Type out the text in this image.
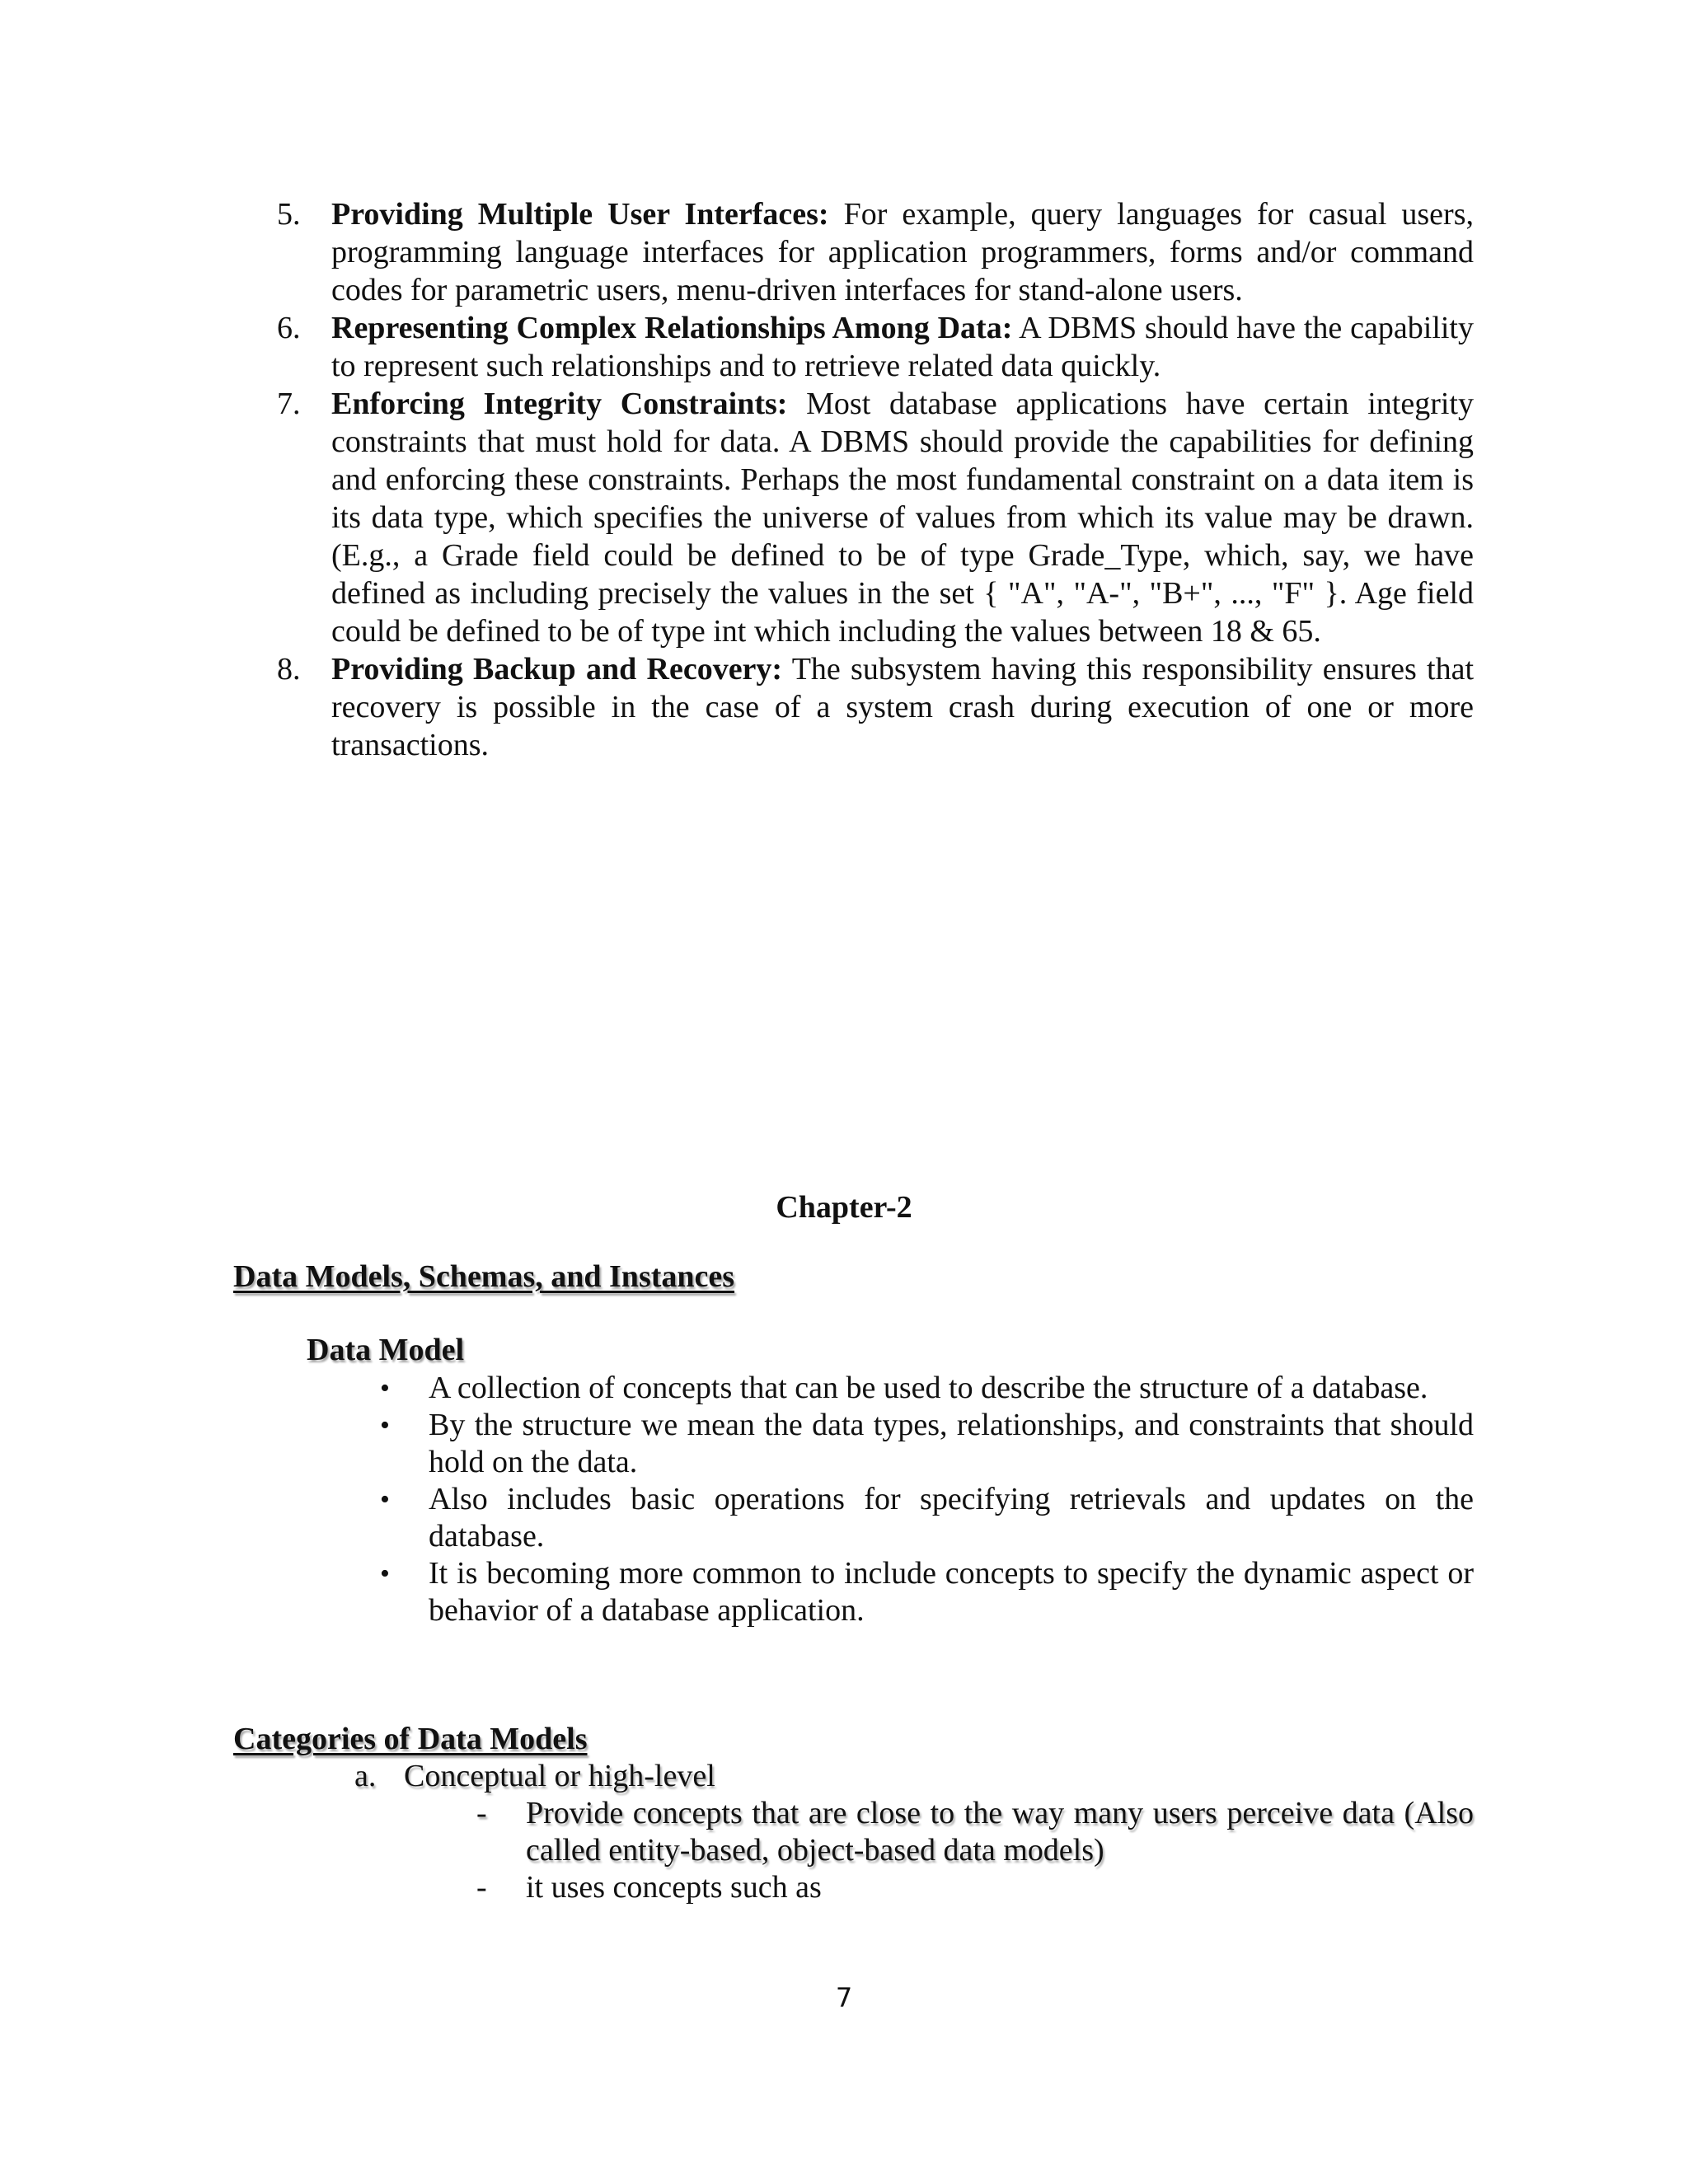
5. Providing Multiple User Interfaces: For example, query languages for casual users, programming language interfaces for application programmers, forms and/or command codes for parametric users, menu-driven interfaces for stand-alone users.
6. Representing Complex Relationships Among Data: A DBMS should have the capability to represent such relationships and to retrieve related data quickly.
7. Enforcing Integrity Constraints: Most database applications have certain integrity constraints that must hold for data. A DBMS should provide the capabilities for defining and enforcing these constraints. Perhaps the most fundamental constraint on a data item is its data type, which specifies the universe of values from which its value may be drawn. (E.g., a Grade field could be defined to be of type Grade_Type, which, say, we have defined as including precisely the values in the set { "A", "A-", "B+", ..., "F" }. Age field could be defined to be of type int which including the values between 18 & 65.
8. Providing Backup and Recovery: The subsystem having this responsibility ensures that recovery is possible in the case of a system crash during execution of one or more transactions.
Chapter-2
Data Models, Schemas, and Instances
Data Model
• A collection of concepts that can be used to describe the structure of a database.
• By the structure we mean the data types, relationships, and constraints that should hold on the data.
• Also includes basic operations for specifying retrievals and updates on the database.
• It is becoming more common to include concepts to specify the dynamic aspect or behavior of a database application.
Categories of Data Models
a. Conceptual or high-level
- Provide concepts that are close to the way many users perceive data (Also called entity-based, object-based data models)
- it uses concepts such as
7
